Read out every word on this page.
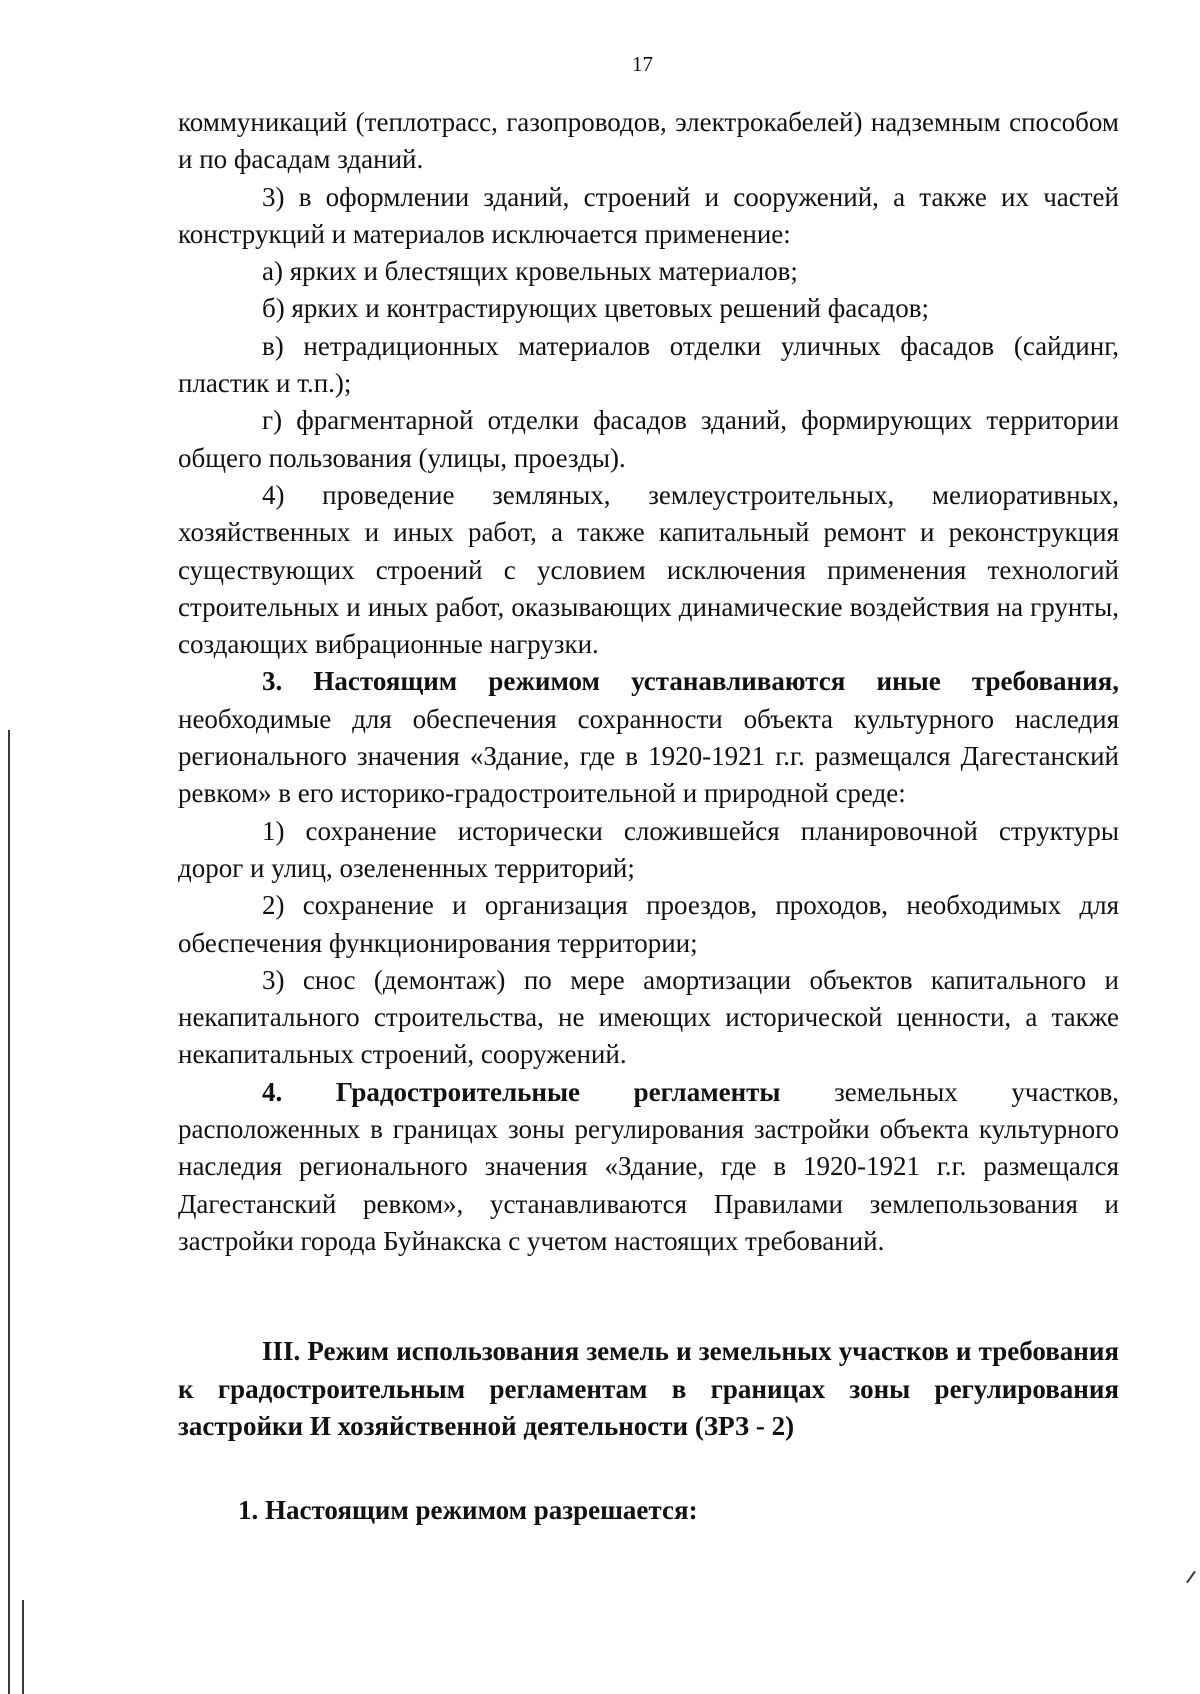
17

коммуникаций (теплотрасс, газопроводов, электрокабелей) надземным способом и по фасадам зданий.

3) в оформлении зданий, строений и сооружений, а также их частей конструкций и материалов исключается применение:

а) ярких и блестящих кровельных материалов;

б) ярких и контрастирующих цветовых решений фасадов;

в) нетрадиционных материалов отделки уличных фасадов (сайдинг, пластик и т.п.);

г) фрагментарной отделки фасадов зданий, формирующих территории общего пользования (улицы, проезды).

4) проведение земляных, землеустроительных, мелиоративных, хозяйственных и иных работ, а также капитальный ремонт и реконструкция существующих строений с условием исключения применения технологий строительных и иных работ, оказывающих динамические воздействия на грунты, создающих вибрационные нагрузки.

3. Настоящим режимом устанавливаются иные требования, необходимые для обеспечения сохранности объекта культурного наследия регионального значения «Здание, где в 1920-1921 г.г. размещался Дагестанский ревком» в его историко-градостроительной и природной среде:

1) сохранение исторически сложившейся планировочной структуры дорог и улиц, озелененных территорий;

2) сохранение и организация проездов, проходов, необходимых для обеспечения функционирования территории;

3) снос (демонтаж) по мере амортизации объектов капитального и некапитального строительства, не имеющих исторической ценности, а также некапитальных строений, сооружений.

4. Градостроительные регламенты земельных участков, расположенных в границах зоны регулирования застройки объекта культурного наследия регионального значения «Здание, где в 1920-1921 г.г. размещался Дагестанский ревком», устанавливаются Правилами землепользования и застройки города Буйнакска с учетом настоящих требований.

III. Режим использования земель и земельных участков и требования к градостроительным регламентам в границах зоны регулирования застройки И хозяйственной деятельности (ЗРЗ - 2)
1. Настоящим режимом разрешается:
